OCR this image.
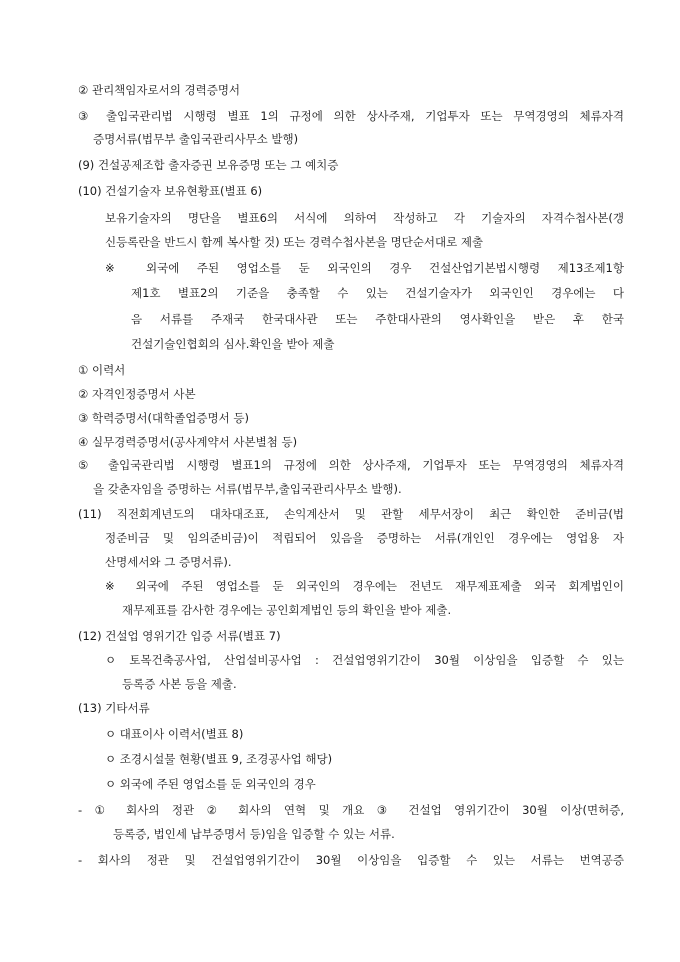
② 관리책임자로서의 경력증명서
③ 출입국관리법 시행령 별표 1의 규정에 의한 상사주재, 기업투자 또는 무역경영의 체류자격
증명서류(법무부 출입국관리사무소 발행)
(9) 건설공제조합 출자증권 보유증명 또는 그 예치증
(10) 건설기술자 보유현황표(별표 6)
보유기술자의 명단을 별표6의 서식에 의하여 작성하고 각 기술자의 자격수첩사본(갱
신등록란을 반드시 함께 복사할 것) 또는 경력수첩사본을 명단순서대로 제출
※ 외국에 주된 영업소를 둔 외국인의 경우 건설산업기본법시행령 제13조제1항
제1호 별표2의 기준을 충족할 수 있는 건설기술자가 외국인인 경우에는 다
음 서류를 주재국 한국대사관 또는 주한대사관의 영사확인을 받은 후 한국
건설기술인협회의 심사.확인을 받아 제출
① 이력서
② 자격인정증명서 사본
③ 학력증명서(대학졸업증명서 등)
④ 실무경력증명서(공사계약서 사본별첨 등)
⑤ 출입국관리법 시행령 별표1의 규정에 의한 상사주재, 기업투자 또는 무역경영의 체류자격
을 갖춘자임을 증명하는 서류(법무부,출입국관리사무소 발행).
(11) 직전회계년도의 대차대조표, 손익계산서 및 관할 세무서장이 최근 확인한 준비금(법
정준비금 및 임의준비금)이 적립되어 있음을 증명하는 서류(개인인 경우에는 영업용 자
산명세서와 그 증명서류).
※ 외국에 주된 영업소를 둔 외국인의 경우에는 전년도 재무제표제출 외국 회계법인이
재무제표를 감사한 경우에는 공인회계법인 등의 확인을 받아 제출.
(12) 건설업 영위기간 입증 서류(별표 7)
ㅇ 토목건축공사업, 산업설비공사업 : 건설업영위기간이 30월 이상임을 입증할 수 있는
등록증 사본 등을 제출.
(13) 기타서류
ㅇ 대표이사 이력서(별표 8)
ㅇ 조경시설물 현황(별표 9, 조경공사업 해당)
ㅇ 외국에 주된 영업소를 둔 외국인의 경우
- ① 회사의 정관 ② 회사의 연혁 및 개요 ③ 건설업 영위기간이 30월 이상(면허증,
등록증, 법인세 납부증명서 등)임을 입증할 수 있는 서류.
- 회사의 정관 및 건설업영위기간이 30월 이상임을 입증할 수 있는 서류는 번역공증
